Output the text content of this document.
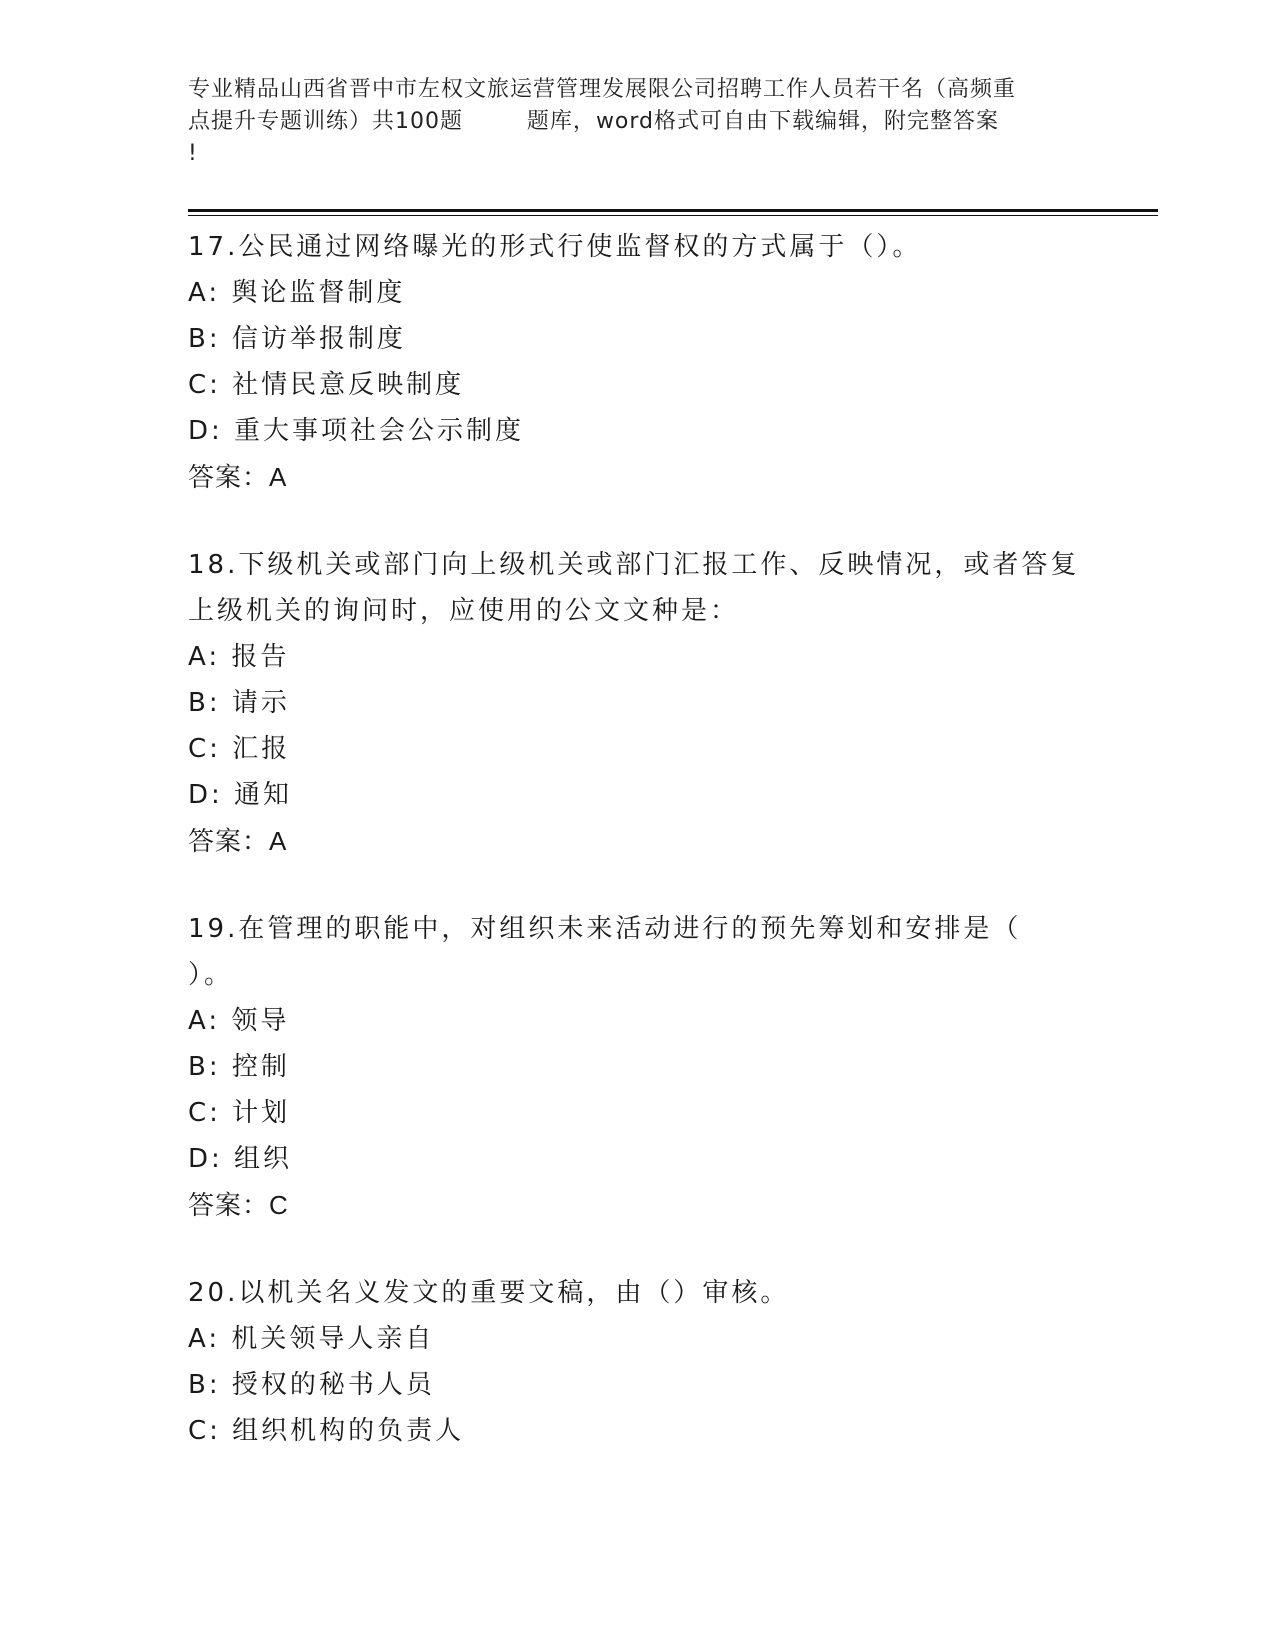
专业精品山西省晋中市左权文旅运营管理发展限公司招聘工作人员若干名（高频重
点提升专题训练）共100题        题库，word格式可自由下载编辑，附完整答案
!

17.公民通过网络曝光的形式行使监督权的方式属于（）。

A: 舆论监督制度

B: 信访举报制度

C: 社情民意反映制度

D: 重大事项社会公示制度

答案：A

18.下级机关或部门向上级机关或部门汇报工作、反映情况，或者答复

上级机关的询问时，应使用的公文文种是：

A: 报告

B: 请示

C: 汇报

D: 通知

答案：A

19.在管理的职能中，对组织未来活动进行的预先筹划和安排是（

）。

A: 领导

B: 控制

C: 计划

D: 组织

答案：C

20.以机关名义发文的重要文稿，由（）审核。

A: 机关领导人亲自

B: 授权的秘书人员

C: 组织机构的负责人
